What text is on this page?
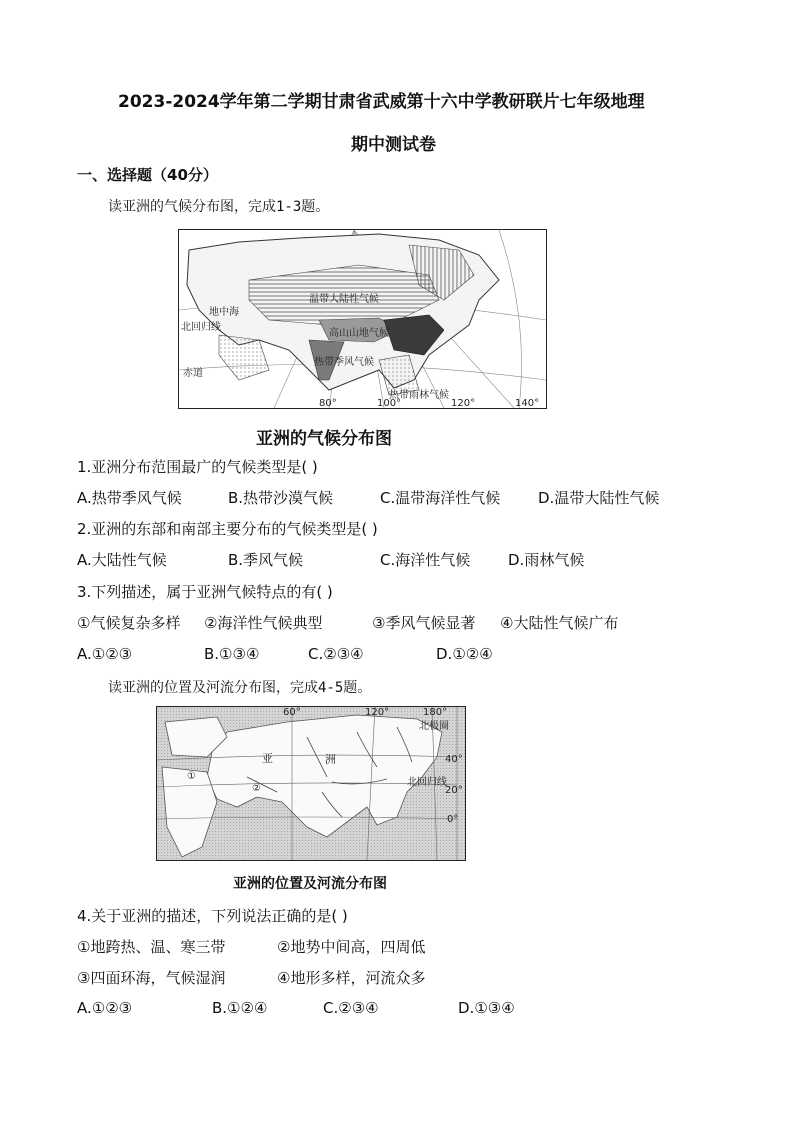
2023-2024学年第二学期甘肃省武威第十六中学教研联片七年级地理
期中测试卷
一、选择题（40分）
读亚洲的气候分布图，完成1-3题。
温带大陆性气候
高山山地气候
热带季风气候
热带雨林气候
地中海
北回归线
赤道
80°	100°	120°	140°
亚洲的气候分布图
1.亚洲分布范围最广的气候类型是( )
A.热带季风气候	B.热带沙漠气候	C.温带海洋性气候	D.温带大陆性气候
2.亚洲的东部和南部主要分布的气候类型是( )
A.大陆性气候	B.季风气候	C.海洋性气候	D.雨林气候
3.下列描述，属于亚洲气候特点的有( )
①气候复杂多样 ②海洋性气候典型	③季风气候显著 ④大陆性气候广布
A.①②③	B.①③④	C.②③④	D.①②④
读亚洲的位置及河流分布图，完成4-5题。
亚	洲
①
②
北回归线
北极圈
40°
20°
0°
60°	120°	180°
亚洲的位置及河流分布图
4.关于亚洲的描述，下列说法正确的是( )
①地跨热、温、寒三带	②地势中间高，四周低
③四面环海，气候湿润	④地形多样，河流众多
A.①②③	B.①②④	C.②③④	D.①③④
